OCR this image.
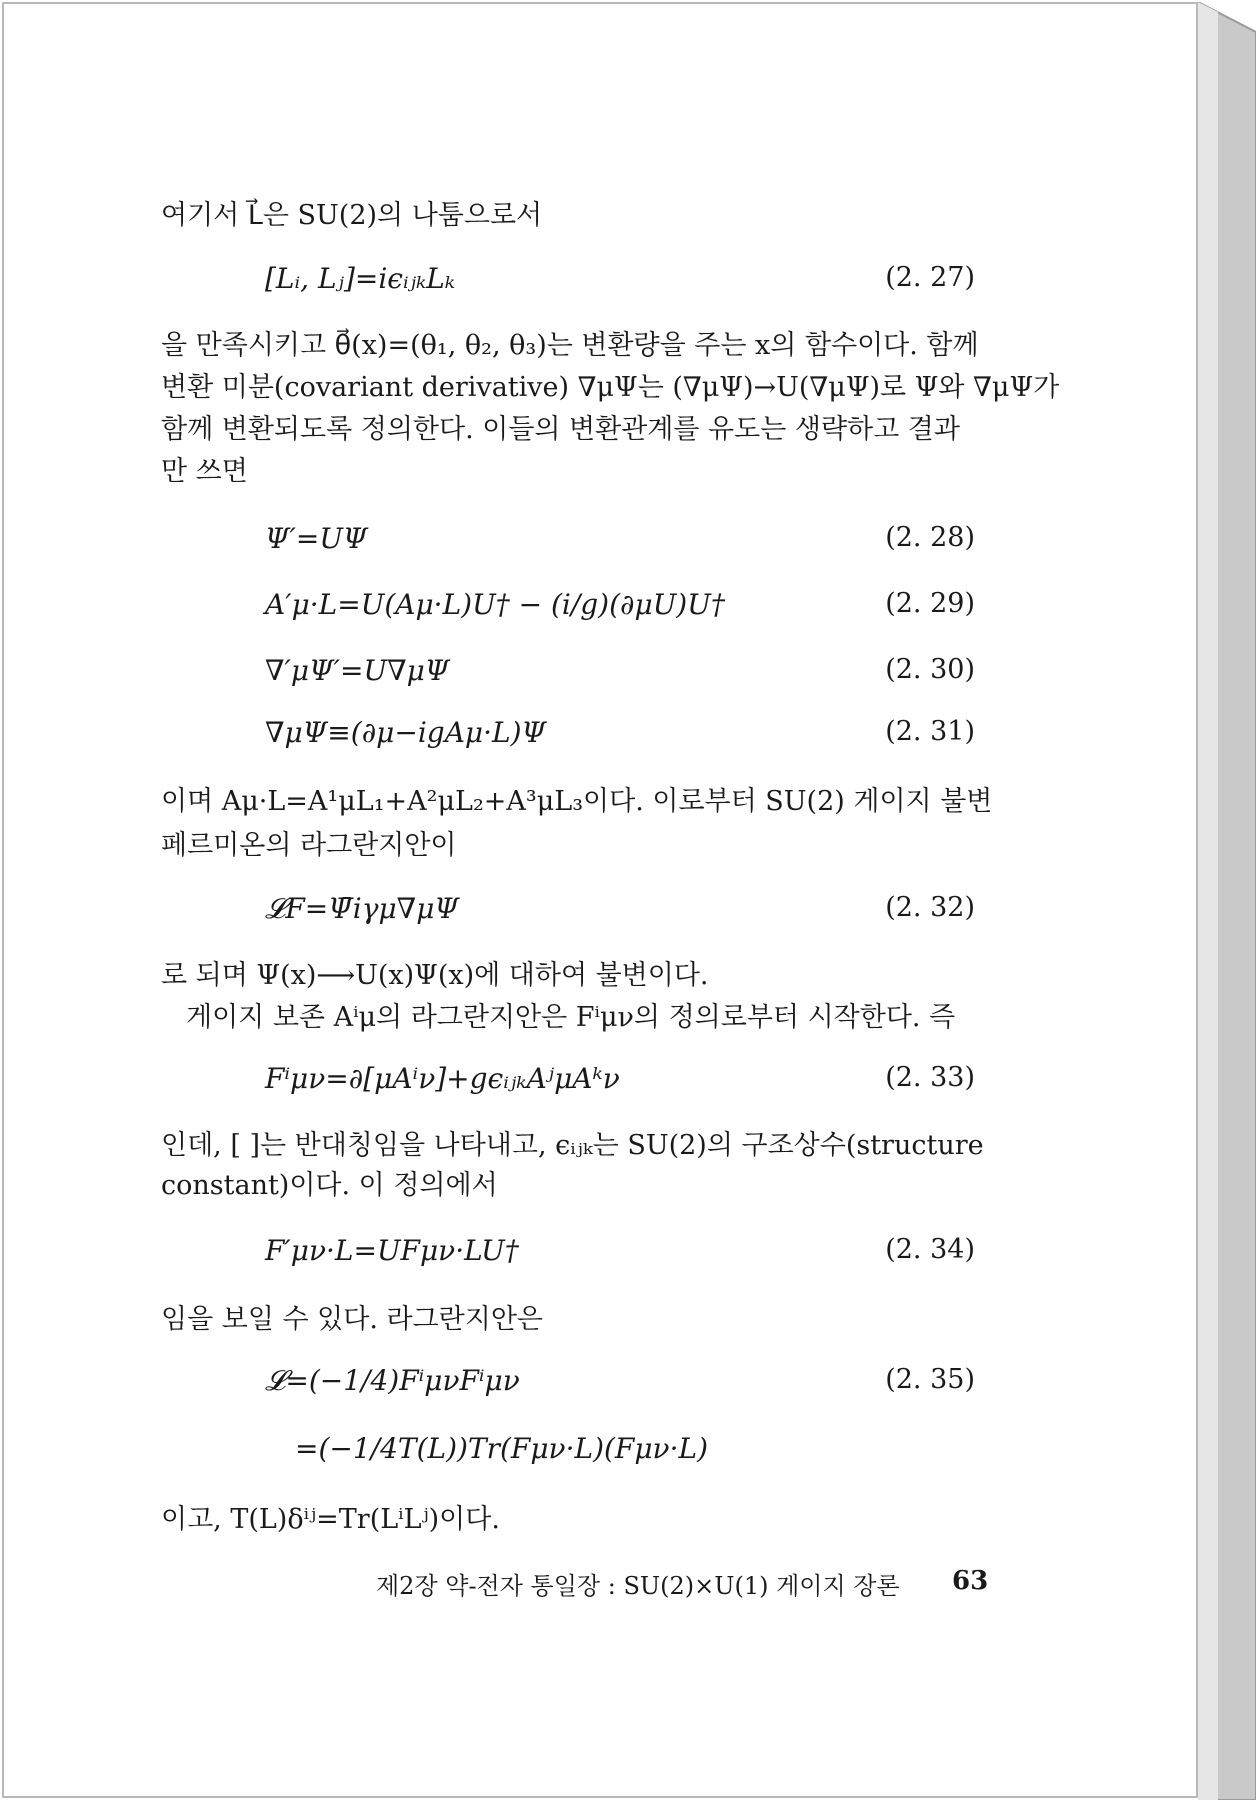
여기서 L⃗은 SU(2)의 나툼으로서
[Lᵢ, Lⱼ]=iϵᵢⱼₖLₖ	(2. 27)
을 만족시키고 θ⃗(x)=(θ₁, θ₂, θ₃)는 변환량을 주는 x의 함수이다. 함께
변환 미분(covariant derivative) ∇μΨ는 (∇μΨ)→U(∇μΨ)로 Ψ와 ∇μΨ가
함께 변환되도록 정의한다. 이들의 변환관계를 유도는 생략하고 결과
만 쓰면
Ψ′=UΨ	(2. 28)
A′μ·L=U(Aμ·L)U† − (i/g)(∂μU)U†	(2. 29)
∇′μΨ′=U∇μΨ	(2. 30)
∇μΨ≡(∂μ−igAμ·L)Ψ	(2. 31)
이며 Aμ·L=A¹μL₁+A²μL₂+A³μL₃이다. 이로부터 SU(2) 게이지 불변
페르미온의 라그란지안이
𝓛F=Ψ̄iγμ∇μΨ	(2. 32)
로 되며 Ψ(x)⟶U(x)Ψ(x)에 대하여 불변이다.
게이지 보존 Aⁱμ의 라그란지안은 Fⁱμν의 정의로부터 시작한다. 즉
Fⁱμν=∂[μAⁱν]+gϵᵢⱼₖAʲμAᵏν	(2. 33)
인데, [ ]는 반대칭임을 나타내고, ϵᵢⱼₖ는 SU(2)의 구조상수(structure
constant)이다. 이 정의에서
F′μν·L=UFμν·LU†	(2. 34)
임을 보일 수 있다. 라그란지안은
𝓛=(−1/4)FⁱμνFⁱμν	(2. 35)
=(−1/4T(L))Tr(Fμν·L)(Fμν·L)
이고, T(L)δⁱʲ=Tr(LⁱLʲ)이다.
제2장 약-전자 통일장 : SU(2)×U(1) 게이지 장론 63
